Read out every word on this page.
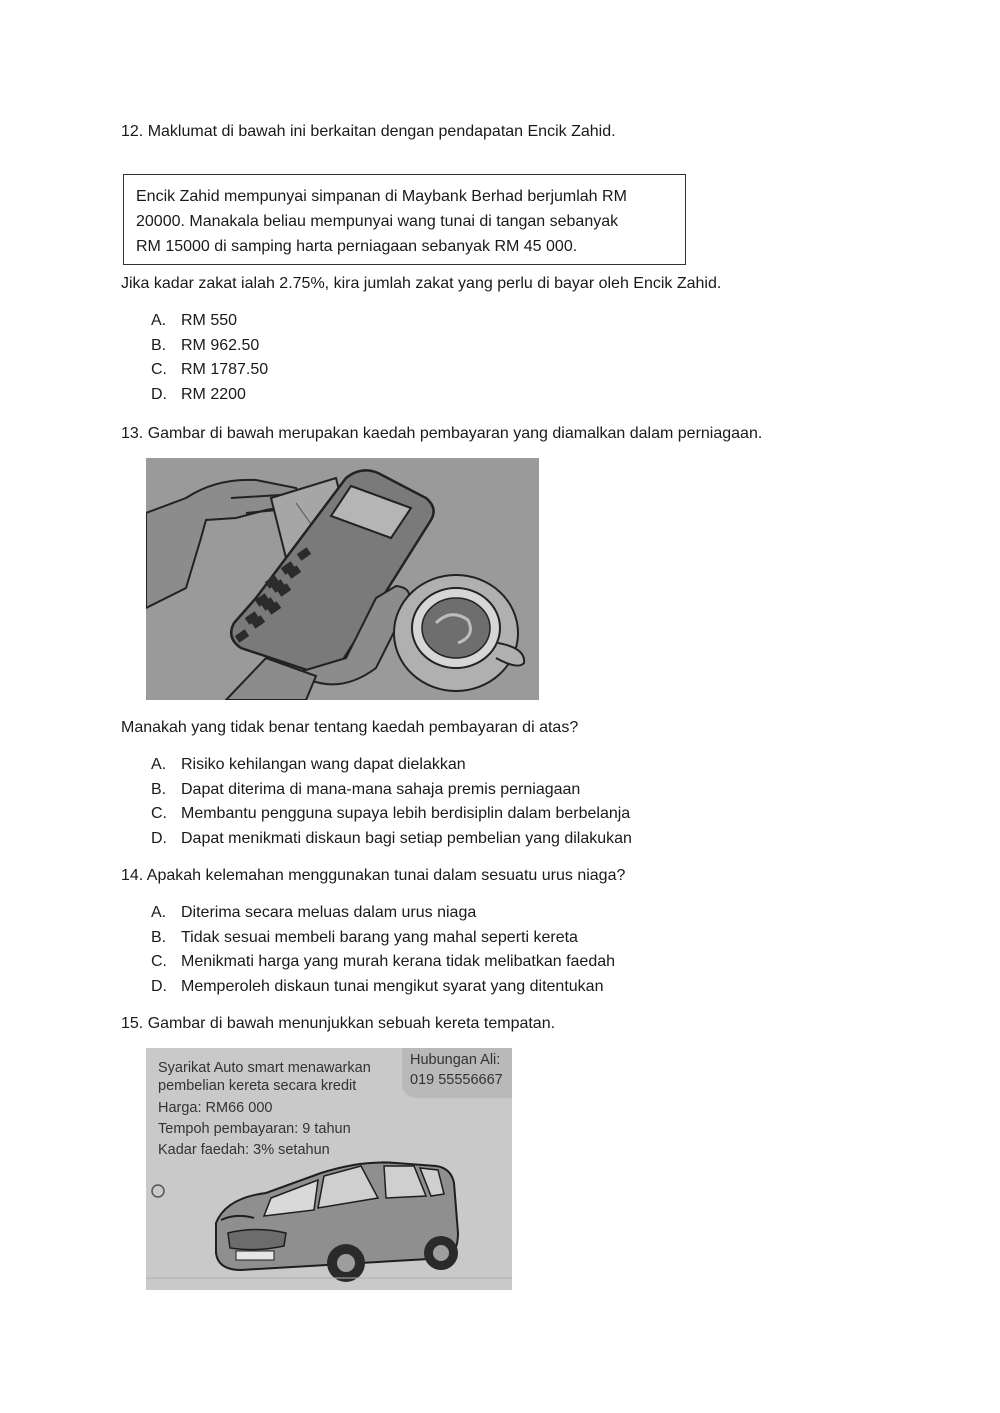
12. Maklumat di bawah ini berkaitan dengan pendapatan Encik Zahid.

Encik Zahid mempunyai simpanan di Maybank Berhad berjumlah RM
20000. Manakala beliau mempunyai wang tunai di tangan sebanyak
RM 15000 di samping harta perniagaan sebanyak RM 45 000.

Jika kadar zakat ialah 2.75%, kira jumlah zakat yang perlu di bayar oleh Encik Zahid.

A. RM 550
B. RM 962.50
C. RM 1787.50
D. RM 2200

13. Gambar di bawah merupakan kaedah pembayaran yang diamalkan dalam perniagaan.

Manakah yang tidak benar tentang kaedah pembayaran di atas?

A. Risiko kehilangan wang dapat dielakkan
B. Dapat diterima di mana-mana sahaja premis perniagaan
C. Membantu pengguna supaya lebih berdisiplin dalam berbelanja
D. Dapat menikmati diskaun bagi setiap pembelian yang dilakukan

14. Apakah kelemahan menggunakan tunai dalam sesuatu urus niaga?

A. Diterima secara meluas dalam urus niaga
B. Tidak sesuai membeli barang yang mahal seperti kereta
C. Menikmati harga yang murah kerana tidak melibatkan faedah
D. Memperoleh diskaun tunai mengikut syarat yang ditentukan

15. Gambar di bawah menunjukkan sebuah kereta tempatan.

Syarikat Auto smart menawarkan
pembelian kereta secara kredit
Harga: RM66 000
Tempoh pembayaran: 9 tahun
Kadar faedah: 3% setahun
Hubungan Ali:
019 55556667
